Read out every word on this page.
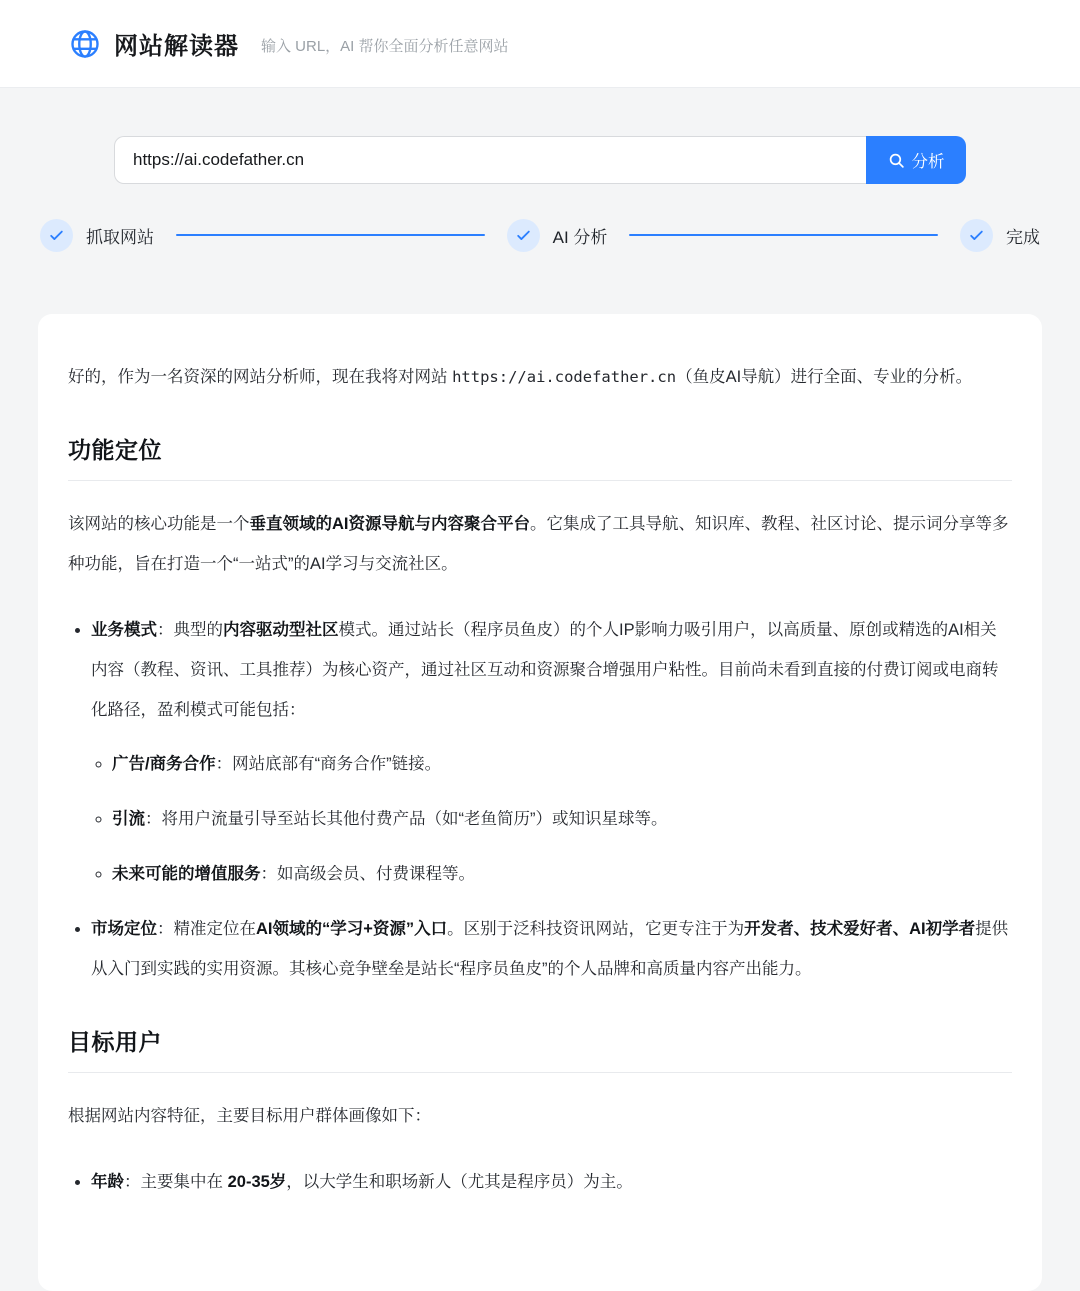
网站解读器 输入 URL，AI 帮你全面分析任意网站
https://ai.codefather.cn
分析
抓取网站	AI 分析	完成

好的，作为一名资深的网站分析师，现在我将对网站 https://ai.codefather.cn（鱼皮AI导航）进行全面、专业的分析。

功能定位

该网站的核心功能是一个垂直领域的AI资源导航与内容聚合平台。它集成了工具导航、知识库、教程、社区讨论、提示词分享等多种功能，旨在打造一个“一站式”的AI学习与交流社区。

• 业务模式：典型的内容驱动型社区模式。通过站长（程序员鱼皮）的个人IP影响力吸引用户，以高质量、原创或精选的AI相关内容（教程、资讯、工具推荐）为核心资产，通过社区互动和资源聚合增强用户粘性。目前尚未看到直接的付费订阅或电商转化路径，盈利模式可能包括：
◦ 广告/商务合作：网站底部有“商务合作”链接。
◦ 引流：将用户流量引导至站长其他付费产品（如“老鱼简历”）或知识星球等。
◦ 未来可能的增值服务：如高级会员、付费课程等。
• 市场定位：精准定位在AI领域的“学习+资源”入口。区别于泛科技资讯网站，它更专注于为开发者、技术爱好者、AI初学者提供从入门到实践的实用资源。其核心竞争壁垒是站长“程序员鱼皮”的个人品牌和高质量内容产出能力。
目标用户

根据网站内容特征，主要目标用户群体画像如下：

• 年龄：主要集中在 20-35岁，以大学生和职场新人（尤其是程序员）为主。
